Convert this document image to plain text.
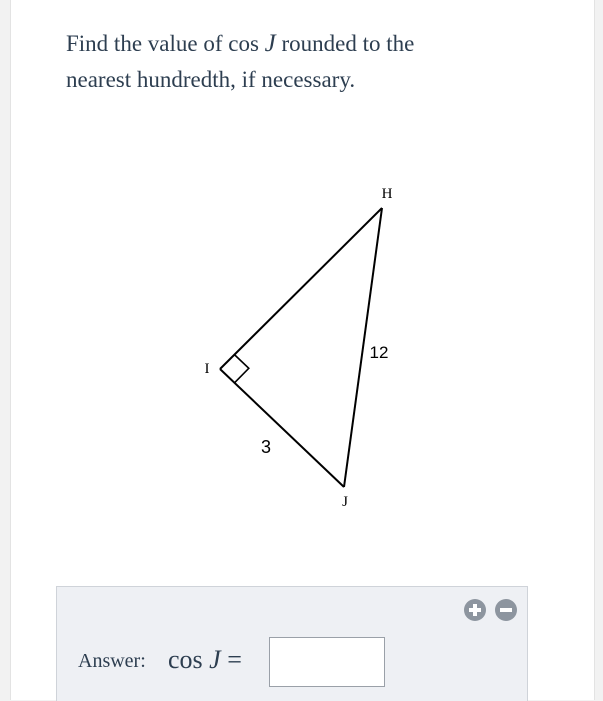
Find the value of cos J rounded to the
nearest hundredth, if necessary.

H
I
J
12
3
Answer: cos J =
